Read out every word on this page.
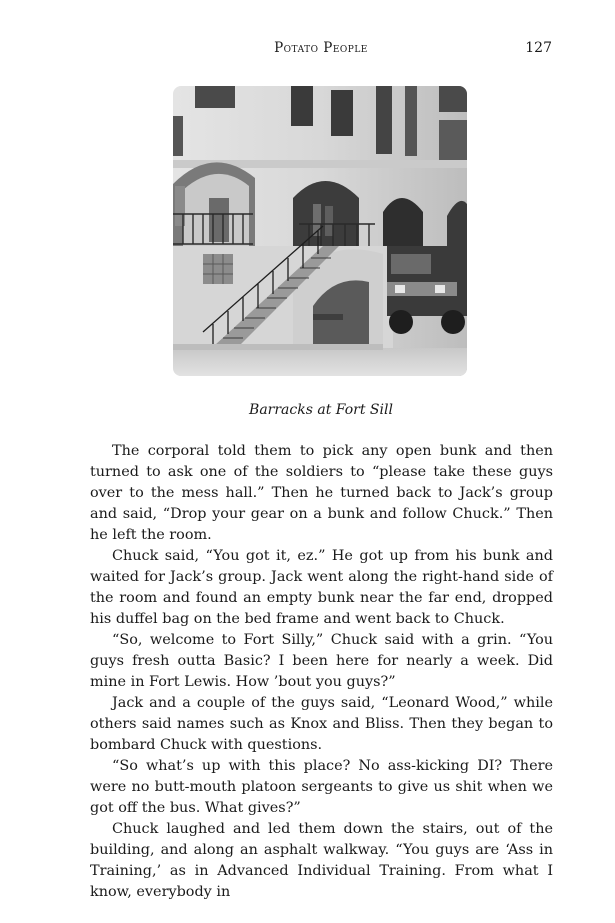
Potato People	127
Barracks at Fort Sill

The corporal told them to pick any open bunk and then turned to ask one of the soldiers to “please take these guys over to the mess hall.” Then he turned back to Jack’s group and said, “Drop your gear on a bunk and follow Chuck.” Then he left the room.

Chuck said, “You got it, ez.” He got up from his bunk and waited for Jack’s group. Jack went along the right-hand side of the room and found an empty bunk near the far end, dropped his duffel bag on the bed frame and went back to Chuck.

“So, welcome to Fort Silly,” Chuck said with a grin. “You guys fresh outta Basic? I been here for nearly a week. Did mine in Fort Lewis. How ’bout you guys?”

Jack and a couple of the guys said, “Leonard Wood,” while others said names such as Knox and Bliss. Then they began to bombard Chuck with questions.

“So what’s up with this place? No ass-kicking DI? There were no butt-mouth platoon sergeants to give us shit when we got off the bus. What gives?”

Chuck laughed and led them down the stairs, out of the building, and along an asphalt walkway. “You guys are ‘Ass in Training,’ as in Advanced Individual Training. From what I know, everybody in
